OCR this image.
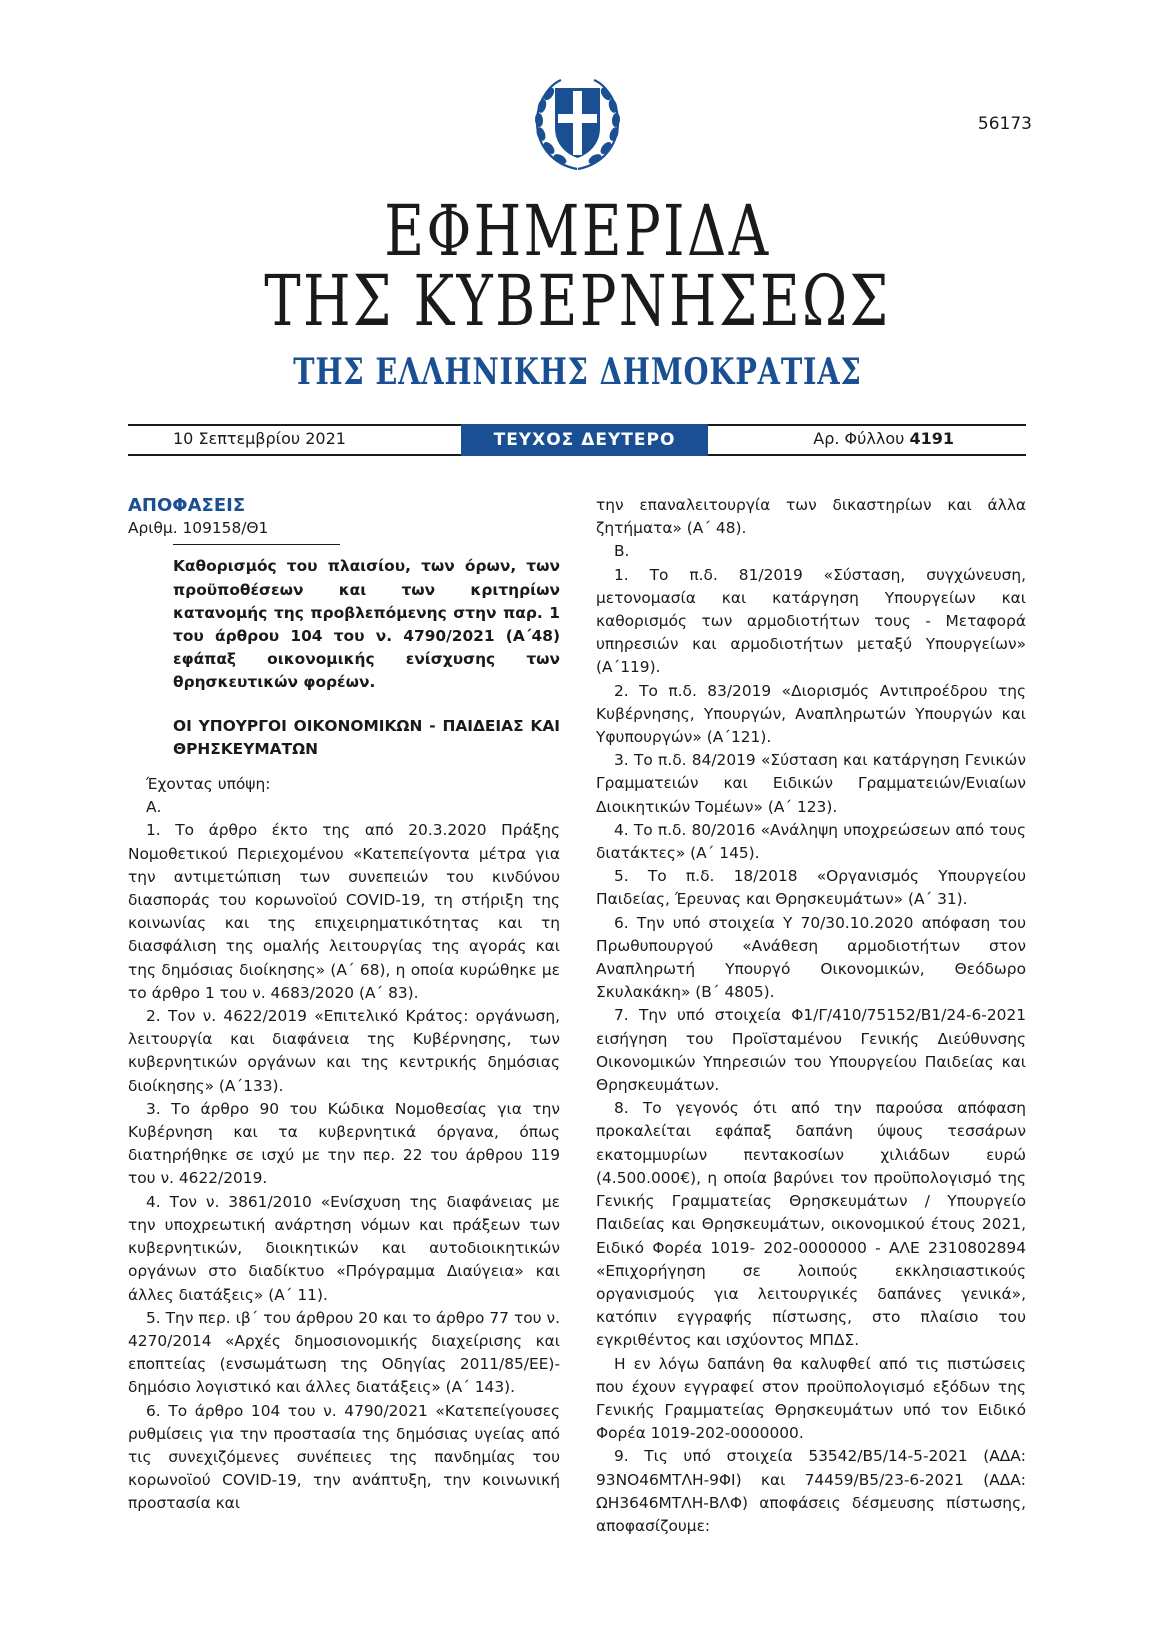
56173
ΕΦΗΜΕΡΙΔΑ
ΤΗΣ ΚΥΒΕΡΝΗΣΕΩΣ
ΤΗΣ ΕΛΛΗΝΙΚΗΣ ΔΗΜΟΚΡΑΤΙΑΣ
10 Σεπτεμβρίου 2021	ΤΕΥΧΟΣ ΔΕΥΤΕΡΟ	Αρ. Φύλλου 4191

ΑΠΟΦΑΣΕΙΣ

Αριθμ. 109158/Θ1

Καθορισμός του πλαισίου, των όρων, των προϋποθέσεων και των κριτηρίων κατανομής της προβλεπόμενης στην παρ. 1 του άρθρου 104 του ν. 4790/2021 (Α΄48) εφάπαξ οικονομικής ενίσχυσης των θρησκευτικών φορέων.

ΟΙ ΥΠΟΥΡΓΟΙ ΟΙΚΟΝΟΜΙΚΩΝ - ΠΑΙΔΕΙΑΣ ΚΑΙ ΘΡΗΣΚΕΥΜΑΤΩΝ

Έχοντας υπόψη:

Α.

1. Το άρθρο έκτο της από 20.3.2020 Πράξης Νομοθετικού Περιεχομένου «Κατεπείγοντα μέτρα για την αντιμετώπιση των συνεπειών του κινδύνου διασποράς του κορωνοϊού COVID-19, τη στήριξη της κοινωνίας και της επιχειρηματικότητας και τη διασφάλιση της ομαλής λειτουργίας της αγοράς και της δημόσιας διοίκησης» (Α΄ 68), η οποία κυρώθηκε με το άρθρο 1 του ν. 4683/2020 (Α΄ 83).

2. Τον ν. 4622/2019 «Επιτελικό Κράτος: οργάνωση, λειτουργία και διαφάνεια της Κυβέρνησης, των κυβερνητικών οργάνων και της κεντρικής δημόσιας διοίκησης» (Α΄133).

3. Το άρθρο 90 του Κώδικα Νομοθεσίας για την Κυβέρνηση και τα κυβερνητικά όργανα, όπως διατηρήθηκε σε ισχύ με την περ. 22 του άρθρου 119 του ν. 4622/2019.

4. Τον ν. 3861/2010 «Ενίσχυση της διαφάνειας με την υποχρεωτική ανάρτηση νόμων και πράξεων των κυβερνητικών, διοικητικών και αυτοδιοικητικών οργάνων στο διαδίκτυο «Πρόγραμμα Διαύγεια» και άλλες διατάξεις» (Α΄ 11).

5. Την περ. ιβ΄ του άρθρου 20 και το άρθρο 77 του ν. 4270/2014 «Αρχές δημοσιονομικής διαχείρισης και εποπτείας (ενσωμάτωση της Οδηγίας 2011/85/ΕΕ)-δημόσιο λογιστικό και άλλες διατάξεις» (Α΄ 143).

6. Το άρθρο 104 του ν. 4790/2021 «Κατεπείγουσες ρυθμίσεις για την προστασία της δημόσιας υγείας από τις συνεχιζόμενες συνέπειες της πανδημίας του κορωνοϊού COVID-19, την ανάπτυξη, την κοινωνική προστασία και

την επαναλειτουργία των δικαστηρίων και άλλα ζητήματα» (Α΄ 48).

Β.

1. Το π.δ. 81/2019 «Σύσταση, συγχώνευση, μετονομασία και κατάργηση Υπουργείων και καθορισμός των αρμοδιοτήτων τους - Μεταφορά υπηρεσιών και αρμοδιοτήτων μεταξύ Υπουργείων» (Α΄119).

2. Το π.δ. 83/2019 «Διορισμός Αντιπροέδρου της Κυβέρνησης, Υπουργών, Αναπληρωτών Υπουργών και Υφυπουργών» (Α΄121).

3. Το π.δ. 84/2019 «Σύσταση και κατάργηση Γενικών Γραμματειών και Ειδικών Γραμματειών/Ενιαίων Διοικητικών Τομέων» (Α΄ 123).

4. Το π.δ. 80/2016 «Ανάληψη υποχρεώσεων από τους διατάκτες» (Α΄ 145).

5. Το π.δ. 18/2018 «Οργανισμός Υπουργείου Παιδείας, Έρευνας και Θρησκευμάτων» (Α΄ 31).

6. Την υπό στοιχεία Υ 70/30.10.2020 απόφαση του Πρωθυπουργού «Ανάθεση αρμοδιοτήτων στον Αναπληρωτή Υπουργό Οικονομικών, Θεόδωρο Σκυλακάκη» (Β΄ 4805).

7. Την υπό στοιχεία Φ1/Γ/410/75152/Β1/24-6-2021 εισήγηση του Προϊσταμένου Γενικής Διεύθυνσης Οικονομικών Υπηρεσιών του Υπουργείου Παιδείας και Θρησκευμάτων.

8. Το γεγονός ότι από την παρούσα απόφαση προκαλείται εφάπαξ δαπάνη ύψους τεσσάρων εκατομμυρίων πεντακοσίων χιλιάδων ευρώ (4.500.000€), η οποία βαρύνει τον προϋπολογισμό της Γενικής Γραμματείας Θρησκευμάτων / Υπουργείο Παιδείας και Θρησκευμάτων, οικονομικού έτους 2021, Ειδικό Φορέα 1019- 202-0000000 - ΑΛΕ 2310802894 «Επιχορήγηση σε λοιπούς εκκλησιαστικούς οργανισμούς για λειτουργικές δαπάνες γενικά», κατόπιν εγγραφής πίστωσης, στο πλαίσιο του εγκριθέντος και ισχύοντος ΜΠΔΣ.

Η εν λόγω δαπάνη θα καλυφθεί από τις πιστώσεις που έχουν εγγραφεί στον προϋπολογισμό εξόδων της Γενικής Γραμματείας Θρησκευμάτων υπό τον Ειδικό Φορέα 1019-202-0000000.

9. Τις υπό στοιχεία 53542/Β5/14-5-2021 (ΑΔΑ: 93ΝΟ46ΜΤΛΗ-9ΦΙ) και 74459/Β5/23-6-2021 (ΑΔΑ: ΩΗ3646ΜΤΛΗ-ΒΛΦ) αποφάσεις δέσμευσης πίστωσης, αποφασίζουμε:
